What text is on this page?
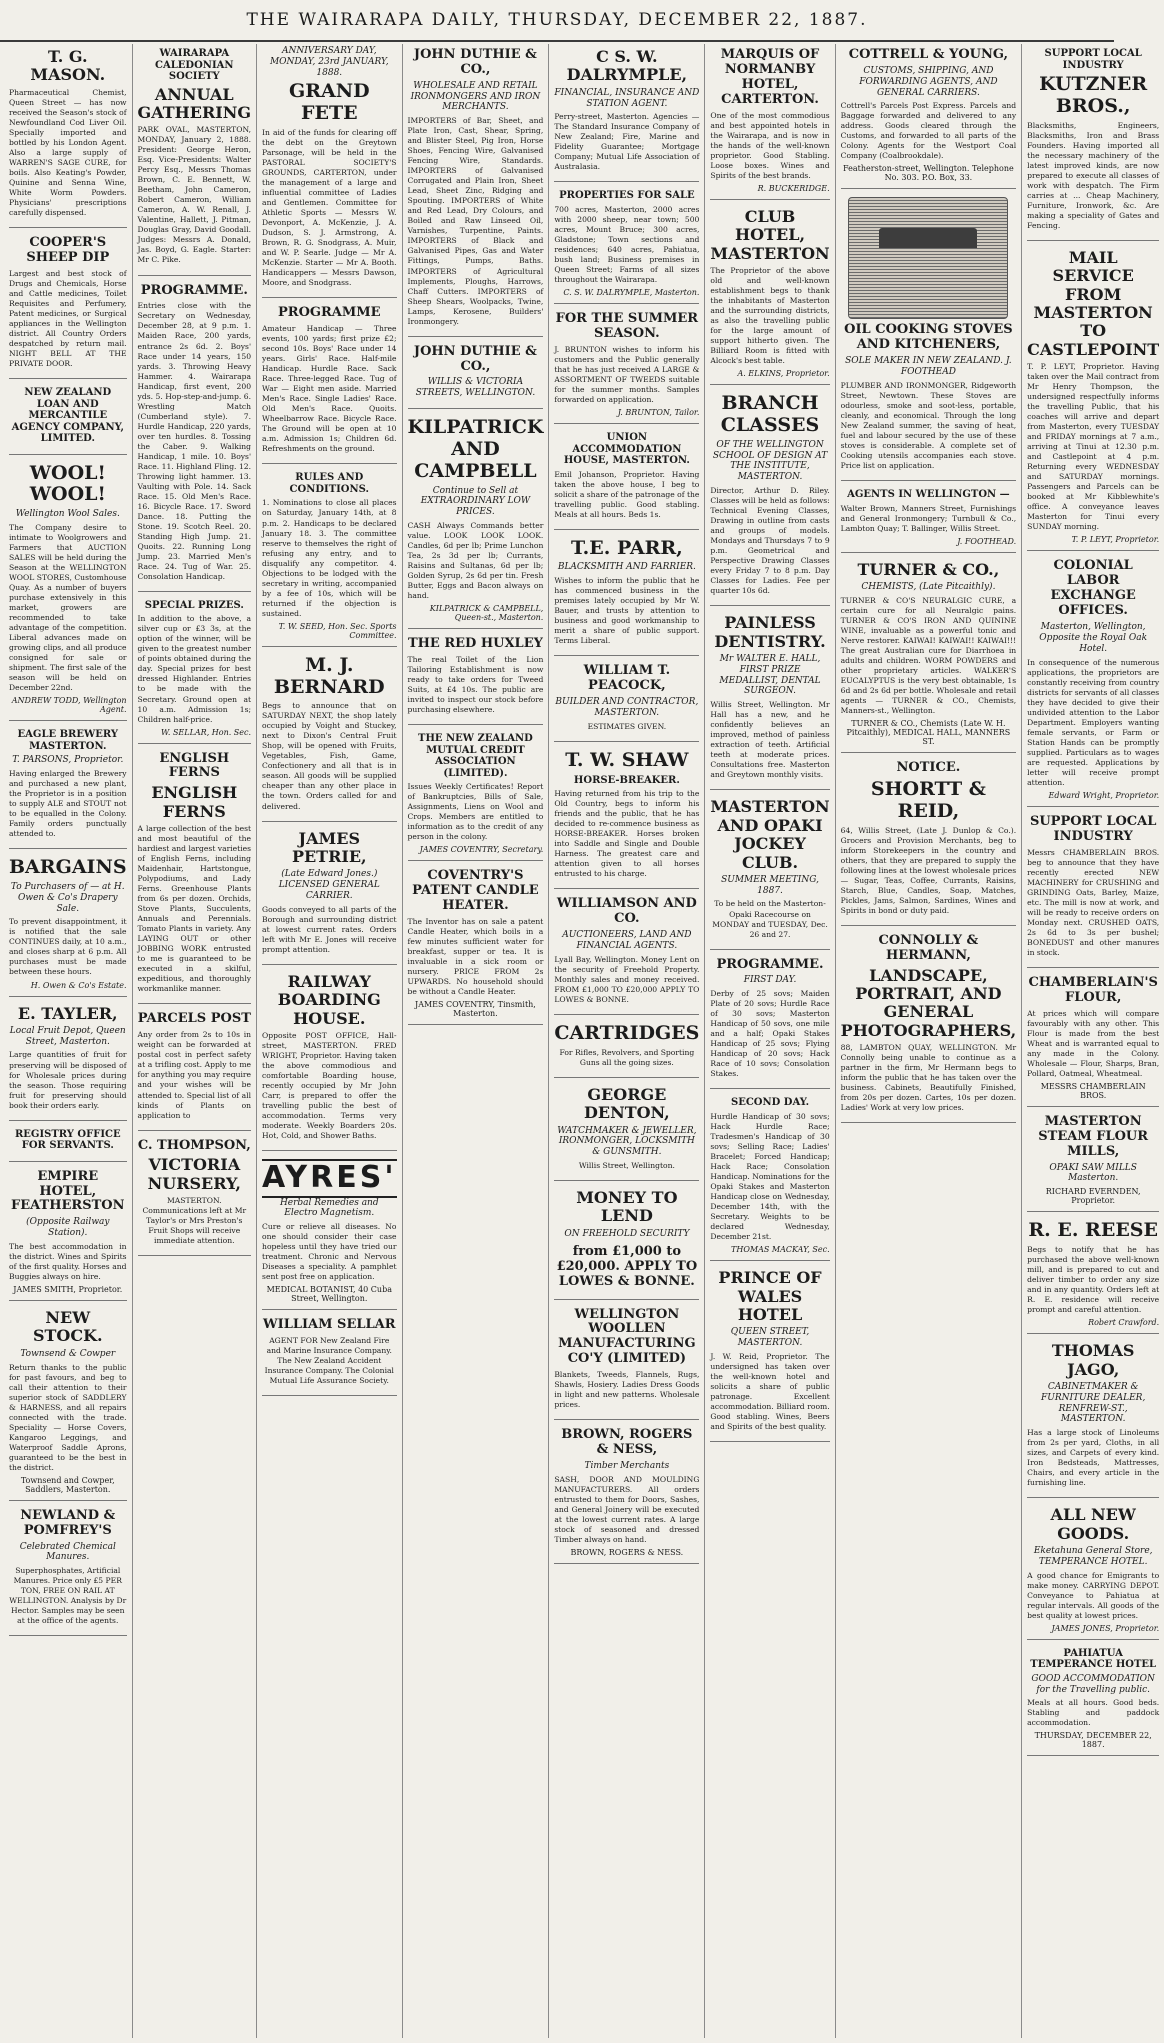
THE WAIRARAPA DAILY, THURSDAY, DECEMBER 22, 1887.
T. G. MASON.
Pharmaceutical Chemist, Queen Street — has now received the Season's stock of Newfoundland Cod Liver Oil. Specially imported and bottled by his London Agent. Also a large supply of WARREN'S SAGE CURE, for boils. Also Keating's Powder, Quinine and Senna Wine, White Worm Powders. Physicians' prescriptions carefully dispensed.
COOPER'S SHEEP DIP
Largest and best stock of Drugs and Chemicals, Horse and Cattle medicines, Toilet Requisites and Perfumery, Patent medicines, or Surgical appliances in the Wellington district. All Country Orders despatched by return mail. NIGHT BELL AT THE PRIVATE DOOR.
NEW ZEALAND LOAN AND MERCANTILE AGENCY COMPANY, LIMITED.
WOOL! WOOL!
Wellington Wool Sales.
The Company desire to intimate to Woolgrowers and Farmers that AUCTION SALES will be held during the Season at the WELLINGTON WOOL STORES, Customhouse Quay. As a number of buyers purchase extensively in this market, growers are recommended to take advantage of the competition. Liberal advances made on growing clips, and all produce consigned for sale or shipment. The first sale of the season will be held on December 22nd.
ANDREW TODD, Wellington Agent.
EAGLE BREWERY MASTERTON.
T. PARSONS, Proprietor.
Having enlarged the Brewery and purchased a new plant, the Proprietor is in a position to supply ALE and STOUT not to be equalled in the Colony. Family orders punctually attended to.
BARGAINS
To Purchasers of — at H. Owen & Co's Drapery Sale.
To prevent disappointment, it is notified that the sale CONTINUES daily, at 10 a.m., and closes sharp at 6 p.m. All purchases must be made between these hours.
H. Owen & Co's Estate.
E. TAYLER,
Local Fruit Depot, Queen Street, Masterton.
Large quantities of fruit for preserving will be disposed of for Wholesale prices during the season. Those requiring fruit for preserving should book their orders early.
REGISTRY OFFICE FOR SERVANTS.
EMPIRE HOTEL, FEATHERSTON
(Opposite Railway Station).
The best accommodation in the district. Wines and Spirits of the first quality. Horses and Buggies always on hire.
JAMES SMITH, Proprietor.
NEW STOCK.
Townsend & Cowper
Return thanks to the public for past favours, and beg to call their attention to their superior stock of SADDLERY & HARNESS, and all repairs connected with the trade. Speciality — Horse Covers, Kangaroo Leggings, and Waterproof Saddle Aprons, guaranteed to be the best in the district.
Townsend and Cowper, Saddlers, Masterton.
NEWLAND & POMFREY'S
Celebrated Chemical Manures.
Superphosphates, Artificial Manures. Price only £5 PER TON, FREE ON RAIL AT WELLINGTON. Analysis by Dr Hector. Samples may be seen at the office of the agents.
WAIRARAPA CALEDONIAN SOCIETY
ANNUAL GATHERING
PARK OVAL, MASTERTON, MONDAY, January 2, 1888. President: George Heron, Esq. Vice-Presidents: Walter Percy Esq., Messrs Thomas Brown, C. E. Bennett, W. Beetham, John Cameron, Robert Cameron, William Cameron, A. W. Renall, J. Valentine, Hallett, J. Pitman, Douglas Gray, David Goodall. Judges: Messrs A. Donald, Jas. Boyd, G. Eagle. Starter: Mr C. Pike.
PROGRAMME.
Entries close with the Secretary on Wednesday, December 28, at 9 p.m. 1. Maiden Race, 200 yards, entrance 2s 6d. 2. Boys' Race under 14 years, 150 yards. 3. Throwing Heavy Hammer. 4. Wairarapa Handicap, first event, 200 yds. 5. Hop-step-and-jump. 6. Wrestling Match (Cumberland style). 7. Hurdle Handicap, 220 yards, over ten hurdles. 8. Tossing the Caber. 9. Walking Handicap, 1 mile. 10. Boys' Race. 11. Highland Fling. 12. Throwing light hammer. 13. Vaulting with Pole. 14. Sack Race. 15. Old Men's Race. 16. Bicycle Race. 17. Sword Dance. 18. Putting the Stone. 19. Scotch Reel. 20. Standing High Jump. 21. Quoits. 22. Running Long Jump. 23. Married Men's Race. 24. Tug of War. 25. Consolation Handicap.
SPECIAL PRIZES.
In addition to the above, a silver cup or £3 3s, at the option of the winner, will be given to the greatest number of points obtained during the day. Special prizes for best dressed Highlander. Entries to be made with the Secretary. Ground open at 10 a.m. Admission 1s; Children half-price.
W. SELLAR, Hon. Sec.
ENGLISH FERNS
ENGLISH FERNS
A large collection of the best and most beautiful of the hardiest and largest varieties of English Ferns, including Maidenhair, Hartstongue, Polypodiums, and Lady Ferns. Greenhouse Plants from 6s per dozen. Orchids, Stove Plants, Succulents, Annuals and Perennials. Tomato Plants in variety. Any LAYING OUT or other JOBBING WORK entrusted to me is guaranteed to be executed in a skilful, expeditious, and thoroughly workmanlike manner.
PARCELS POST
Any order from 2s to 10s in weight can be forwarded at postal cost in perfect safety at a trifling cost. Apply to me for anything you may require and your wishes will be attended to. Special list of all kinds of Plants on application to
C. THOMPSON,
VICTORIA NURSERY,
MASTERTON. Communications left at Mr Taylor's or Mrs Preston's Fruit Shops will receive immediate attention.
ANNIVERSARY DAY, MONDAY, 23rd JANUARY, 1888.
GRAND FETE
In aid of the funds for clearing off the debt on the Greytown Parsonage, will be held in the PASTORAL SOCIETY'S GROUNDS, CARTERTON, under the management of a large and influential committee of Ladies and Gentlemen. Committee for Athletic Sports — Messrs W. Devonport, A. McKenzie, J. A. Dudson, S. J. Armstrong, A. Brown, R. G. Snodgrass, A. Muir, and W. P. Searle. Judge — Mr A. McKenzie. Starter — Mr A. Booth. Handicappers — Messrs Dawson, Moore, and Snodgrass.
PROGRAMME
Amateur Handicap — Three events, 100 yards; first prize £2; second 10s. Boys' Race under 14 years. Girls' Race. Half-mile Handicap. Hurdle Race. Sack Race. Three-legged Race. Tug of War — Eight men aside. Married Men's Race. Single Ladies' Race. Old Men's Race. Quoits. Wheelbarrow Race. Bicycle Race. The Ground will be open at 10 a.m. Admission 1s; Children 6d. Refreshments on the ground.
RULES AND CONDITIONS.
1. Nominations to close all places on Saturday, January 14th, at 8 p.m. 2. Handicaps to be declared January 18. 3. The committee reserve to themselves the right of refusing any entry, and to disqualify any competitor. 4. Objections to be lodged with the secretary in writing, accompanied by a fee of 10s, which will be returned if the objection is sustained.
T. W. SEED, Hon. Sec. Sports Committee.
M. J. BERNARD
Begs to announce that on SATURDAY NEXT, the shop lately occupied by Voight and Stuckey, next to Dixon's Central Fruit Shop, will be opened with Fruits, Vegetables, Fish, Game, Confectionery and all that is in season. All goods will be supplied cheaper than any other place in the town. Orders called for and delivered.
JAMES PETRIE,
(Late Edward Jones.) LICENSED GENERAL CARRIER.
Goods conveyed to all parts of the Borough and surrounding district at lowest current rates. Orders left with Mr E. Jones will receive prompt attention.
RAILWAY BOARDING HOUSE.
Opposite POST OFFICE, Hall-street, MASTERTON. FRED WRIGHT, Proprietor. Having taken the above commodious and comfortable Boarding house, recently occupied by Mr John Carr, is prepared to offer the travelling public the best of accommodation. Terms very moderate. Weekly Boarders 20s. Hot, Cold, and Shower Baths.
AYRES'
Herbal Remedies and Electro Magnetism.
Cure or relieve all diseases. No one should consider their case hopeless until they have tried our treatment. Chronic and Nervous Diseases a speciality. A pamphlet sent post free on application.
MEDICAL BOTANIST, 40 Cuba Street, Wellington.
WILLIAM SELLAR
AGENT FOR New Zealand Fire and Marine Insurance Company. The New Zealand Accident Insurance Company. The Colonial Mutual Life Assurance Society.
JOHN DUTHIE & CO.,
WHOLESALE AND RETAIL IRONMONGERS AND IRON MERCHANTS.
IMPORTERS of Bar, Sheet, and Plate Iron, Cast, Shear, Spring, and Blister Steel, Pig Iron, Horse Shoes, Fencing Wire, Galvanised Fencing Wire, Standards. IMPORTERS of Galvanised Corrugated and Plain Iron, Sheet Lead, Sheet Zinc, Ridging and Spouting. IMPORTERS of White and Red Lead, Dry Colours, and Boiled and Raw Linseed Oil, Varnishes, Turpentine, Paints. IMPORTERS of Black and Galvanised Pipes, Gas and Water Fittings, Pumps, Baths. IMPORTERS of Agricultural Implements, Ploughs, Harrows, Chaff Cutters. IMPORTERS of Sheep Shears, Woolpacks, Twine, Lamps, Kerosene, Builders' Ironmongery.
JOHN DUTHIE & CO.,
WILLIS & VICTORIA STREETS, WELLINGTON.
KILPATRICK AND CAMPBELL
Continue to Sell at EXTRAORDINARY LOW PRICES.
CASH Always Commands better value. LOOK LOOK LOOK. Candles, 6d per lb; Prime Lunchon Tea, 2s 3d per lb; Currants, Raisins and Sultanas, 6d per lb; Golden Syrup, 2s 6d per tin. Fresh Butter, Eggs and Bacon always on hand.
KILPATRICK & CAMPBELL, Queen-st., Masterton.
THE RED HUXLEY
The real Toilet of the Lion Tailoring Establishment is now ready to take orders for Tweed Suits, at £4 10s. The public are invited to inspect our stock before purchasing elsewhere.
THE NEW ZEALAND MUTUAL CREDIT ASSOCIATION (LIMITED).
Issues Weekly Certificates! Report of Bankruptcies, Bills of Sale, Assignments, Liens on Wool and Crops. Members are entitled to information as to the credit of any person in the colony.
JAMES COVENTRY, Secretary.
COVENTRY'S PATENT CANDLE HEATER.
The Inventor has on sale a patent Candle Heater, which boils in a few minutes sufficient water for breakfast, supper or tea. It is invaluable in a sick room or nursery. PRICE FROM 2s UPWARDS. No household should be without a Candle Heater.
JAMES COVENTRY, Tinsmith, Masterton.
C S. W. DALRYMPLE,
FINANCIAL, INSURANCE AND STATION AGENT.
Perry-street, Masterton. Agencies — The Standard Insurance Company of New Zealand; Fire, Marine and Fidelity Guarantee; Mortgage Company; Mutual Life Association of Australasia.
PROPERTIES FOR SALE
700 acres, Masterton, 2000 acres with 2000 sheep, near town; 500 acres, Mount Bruce; 300 acres, Gladstone; Town sections and residences; 640 acres, Pahiatua, bush land; Business premises in Queen Street; Farms of all sizes throughout the Wairarapa.
C. S. W. DALRYMPLE, Masterton.
FOR THE SUMMER SEASON.
J. BRUNTON wishes to inform his customers and the Public generally that he has just received A LARGE & ASSORTMENT OF TWEEDS suitable for the summer months. Samples forwarded on application.
J. BRUNTON, Tailor.
UNION ACCOMMODATION HOUSE, MASTERTON.
Emil Johanson, Proprietor. Having taken the above house, I beg to solicit a share of the patronage of the travelling public. Good stabling. Meals at all hours. Beds 1s.
T.E. PARR,
BLACKSMITH AND FARRIER.
Wishes to inform the public that he has commenced business in the premises lately occupied by Mr W. Bauer, and trusts by attention to business and good workmanship to merit a share of public support. Terms Liberal.
WILLIAM T. PEACOCK,
BUILDER AND CONTRACTOR, MASTERTON.
ESTIMATES GIVEN.
T. W. SHAW
HORSE-BREAKER.
Having returned from his trip to the Old Country, begs to inform his friends and the public, that he has decided to re-commence business as HORSE-BREAKER. Horses broken into Saddle and Single and Double Harness. The greatest care and attention given to all horses entrusted to his charge.
WILLIAMSON AND CO.
AUCTIONEERS, LAND AND FINANCIAL AGENTS.
Lyall Bay, Wellington. Money Lent on the security of Freehold Property. Monthly sales and money received. FROM £1,000 TO £20,000 APPLY TO LOWES & BONNE.
CARTRIDGES
For Rifles, Revolvers, and Sporting Guns all the going sizes.
GEORGE DENTON,
WATCHMAKER & JEWELLER, IRONMONGER, LOCKSMITH & GUNSMITH.
Willis Street, Wellington.
MONEY TO LEND
ON FREEHOLD SECURITY
from £1,000 to £20,000. APPLY TO LOWES & BONNE.
WELLINGTON WOOLLEN MANUFACTURING CO'Y (LIMITED)
Blankets, Tweeds, Flannels, Rugs, Shawls, Hosiery. Ladies Dress Goods in light and new patterns. Wholesale prices.
BROWN, ROGERS & NESS,
Timber Merchants
SASH, DOOR AND MOULDING MANUFACTURERS. All orders entrusted to them for Doors, Sashes, and General Joinery will be executed at the lowest current rates. A large stock of seasoned and dressed Timber always on hand.
BROWN, ROGERS & NESS.
MARQUIS OF NORMANBY HOTEL, CARTERTON.
One of the most commodious and best appointed hotels in the Wairarapa, and is now in the hands of the well-known proprietor. Good Stabling. Loose boxes. Wines and Spirits of the best brands.
R. BUCKERIDGE.
CLUB HOTEL, MASTERTON
The Proprietor of the above old and well-known establishment begs to thank the inhabitants of Masterton and the surrounding districts, as also the travelling public for the large amount of support hitherto given. The Billiard Room is fitted with Alcock's best table.
A. ELKINS, Proprietor.
BRANCH CLASSES
OF THE WELLINGTON SCHOOL OF DESIGN AT THE INSTITUTE, MASTERTON.
Director, Arthur D. Riley. Classes will be held as follows: Technical Evening Classes, Drawing in outline from casts and groups of models. Mondays and Thursdays 7 to 9 p.m. Geometrical and Perspective Drawing Classes every Friday 7 to 8 p.m. Day Classes for Ladies. Fee per quarter 10s 6d.
PAINLESS DENTISTRY.
Mr WALTER E. HALL, FIRST PRIZE MEDALLIST, DENTAL SURGEON.
Willis Street, Wellington. Mr Hall has a new, and he confidently believes an improved, method of painless extraction of teeth. Artificial teeth at moderate prices. Consultations free. Masterton and Greytown monthly visits.
MASTERTON AND OPAKI JOCKEY CLUB.
SUMMER MEETING, 1887.
To be held on the Masterton-Opaki Racecourse on MONDAY and TUESDAY, Dec. 26 and 27.
PROGRAMME.
FIRST DAY.
Derby of 25 sovs; Maiden Plate of 20 sovs; Hurdle Race of 30 sovs; Masterton Handicap of 50 sovs, one mile and a half; Opaki Stakes Handicap of 25 sovs; Flying Handicap of 20 sovs; Hack Race of 10 sovs; Consolation Stakes.
SECOND DAY.
Hurdle Handicap of 30 sovs; Hack Hurdle Race; Tradesmen's Handicap of 30 sovs; Selling Race; Ladies' Bracelet; Forced Handicap; Hack Race; Consolation Handicap. Nominations for the Opaki Stakes and Masterton Handicap close on Wednesday, December 14th, with the Secretary. Weights to be declared Wednesday, December 21st.
THOMAS MACKAY, Sec.
PRINCE OF WALES HOTEL
QUEEN STREET, MASTERTON.
J. W. Reid, Proprietor. The undersigned has taken over the well-known hotel and solicits a share of public patronage. Excellent accommodation. Billiard room. Good stabling. Wines, Beers and Spirits of the best quality.
COTTRELL & YOUNG,
CUSTOMS, SHIPPING, AND FORWARDING AGENTS, AND GENERAL CARRIERS.
Cottrell's Parcels Post Express. Parcels and Baggage forwarded and delivered to any address. Goods cleared through the Customs, and forwarded to all parts of the Colony. Agents for the Westport Coal Company (Coalbrookdale).
Featherston-street, Wellington. Telephone No. 303. P.O. Box, 33.
OIL COOKING STOVES AND KITCHENERS,
SOLE MAKER IN NEW ZEALAND. J. FOOTHEAD
PLUMBER AND IRONMONGER, Ridgeworth Street, Newtown. These Stoves are odourless, smoke and soot-less, portable, cleanly, and economical. Through the long New Zealand summer, the saving of heat, fuel and labour secured by the use of these stoves is considerable. A complete set of Cooking utensils accompanies each stove. Price list on application.
AGENTS IN WELLINGTON —
Walter Brown, Manners Street, Furnishings and General Ironmongery; Turnbull & Co., Lambton Quay; T. Ballinger, Willis Street.
J. FOOTHEAD.
TURNER & CO.,
CHEMISTS, (Late Pitcaithly).
TURNER & CO'S NEURALGIC CURE, a certain cure for all Neuralgic pains. TURNER & CO'S IRON AND QUININE WINE, invaluable as a powerful tonic and Nerve restorer. KAIWAI! KAIWAI!! KAIWAI!!! The great Australian cure for Diarrhoea in adults and children. WORM POWDERS and other proprietary articles. WALKER'S EUCALYPTUS is the very best obtainable, 1s 6d and 2s 6d per bottle. Wholesale and retail agents — TURNER & CO., Chemists, Manners-st., Wellington.
TURNER & CO., Chemists (Late W. H. Pitcaithly), MEDICAL HALL, MANNERS ST.
NOTICE.
SHORTT & REID,
64, Willis Street, (Late J. Dunlop & Co.). Grocers and Provision Merchants, beg to inform Storekeepers in the country and others, that they are prepared to supply the following lines at the lowest wholesale prices — Sugar, Teas, Coffee, Currants, Raisins, Starch, Blue, Candles, Soap, Matches, Pickles, Jams, Salmon, Sardines, Wines and Spirits in bond or duty paid.
CONNOLLY & HERMANN,
LANDSCAPE, PORTRAIT, AND GENERAL PHOTOGRAPHERS,
88, LAMBTON QUAY, WELLINGTON. Mr Connolly being unable to continue as a partner in the firm, Mr Hermann begs to inform the public that he has taken over the business. Cabinets, Beautifully Finished, from 20s per dozen. Cartes, 10s per dozen. Ladies' Work at very low prices.
SUPPORT LOCAL INDUSTRY
KUTZNER BROS.,
Blacksmiths, Engineers, Blacksmiths, Iron and Brass Founders. Having imported all the necessary machinery of the latest improved kinds, are now prepared to execute all classes of work with despatch. The Firm carries at ... Cheap Machinery, Furniture, Ironwork, &c. Are making a speciality of Gates and Fencing.
MAIL SERVICE FROM MASTERTON TO CASTLEPOINT
T. P. LEYT, Proprietor. Having taken over the Mail contract from Mr Henry Thompson, the undersigned respectfully informs the travelling Public, that his coaches will arrive and depart from Masterton, every TUESDAY and FRIDAY mornings at 7 a.m., arriving at Tinui at 12.30 p.m. and Castlepoint at 4 p.m. Returning every WEDNESDAY and SATURDAY mornings. Passengers and Parcels can be booked at Mr Kibblewhite's office. A conveyance leaves Masterton for Tinui every SUNDAY morning.
T. P. LEYT, Proprietor.
COLONIAL LABOR EXCHANGE OFFICES.
Masterton, Wellington, Opposite the Royal Oak Hotel.
In consequence of the numerous applications, the proprietors are constantly receiving from country districts for servants of all classes they have decided to give their undivided attention to the Labor Department. Employers wanting female servants, or Farm or Station Hands can be promptly supplied. Particulars as to wages are requested. Applications by letter will receive prompt attention.
Edward Wright, Proprietor.
SUPPORT LOCAL INDUSTRY
Messrs CHAMBERLAIN BROS. beg to announce that they have recently erected NEW MACHINERY for CRUSHING and GRINDING Oats, Barley, Maize, etc. The mill is now at work, and will be ready to receive orders on Monday next. CRUSHED OATS, 2s 6d to 3s per bushel; BONEDUST and other manures in stock.
CHAMBERLAIN'S FLOUR,
At prices which will compare favourably with any other. This Flour is made from the best Wheat and is warranted equal to any made in the Colony. Wholesale — Flour, Sharps, Bran, Pollard, Oatmeal, Wheatmeal.
MESSRS CHAMBERLAIN BROS.
MASTERTON STEAM FLOUR MILLS,
OPAKI SAW MILLS Masterton.
RICHARD EVERNDEN, Proprietor.
R. E. REESE
Begs to notify that he has purchased the above well-known mill, and is prepared to cut and deliver timber to order any size and in any quantity. Orders left at R. E. residence will receive prompt and careful attention.
Robert Crawford.
THOMAS JAGO,
CABINETMAKER & FURNITURE DEALER, RENFREW-ST., MASTERTON.
Has a large stock of Linoleums from 2s per yard, Cloths, in all sizes, and Carpets of every kind. Iron Bedsteads, Mattresses, Chairs, and every article in the furnishing line.
ALL NEW GOODS.
Eketahuna General Store, TEMPERANCE HOTEL.
A good chance for Emigrants to make money. CARRYING DEPOT. Conveyance to Pahiatua at regular intervals. All goods of the best quality at lowest prices.
JAMES JONES, Proprietor.
PAHIATUA TEMPERANCE HOTEL
GOOD ACCOMMODATION for the Travelling public.
Meals at all hours. Good beds. Stabling and paddock accommodation.
THURSDAY, DECEMBER 22, 1887.
